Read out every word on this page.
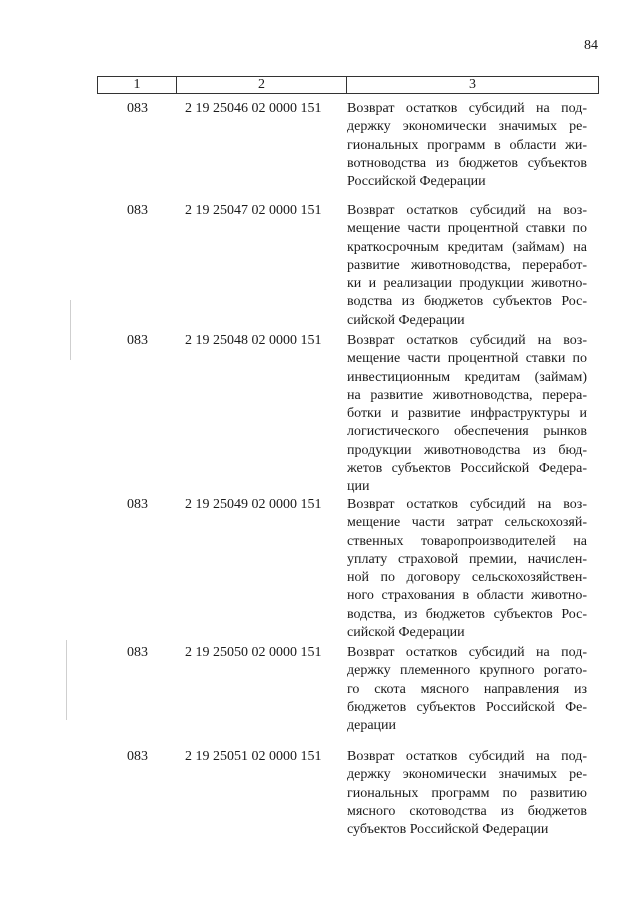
84
1	2	3
083	2 19 25046 02 0000 151 Возврат остатков субсидий на под-
держку экономически значимых ре-
гиональных программ в области жи-
вотноводства из бюджетов субъектов
Российской Федерации
083	2 19 25047 02 0000 151 Возврат остатков субсидий на воз-
мещение части процентной ставки по
краткосрочным кредитам (займам) на
развитие животноводства, переработ-
ки и реализации продукции животно-
водства из бюджетов субъектов Рос-
сийской Федерации
083	2 19 25048 02 0000 151 Возврат остатков субсидий на воз-
мещение части процентной ставки по
инвестиционным кредитам (займам)
на развитие животноводства, перера-
ботки и развитие инфраструктуры и
логистического обеспечения рынков
продукции животноводства из бюд-
жетов субъектов Российской Федера-
ции
083	2 19 25049 02 0000 151 Возврат остатков субсидий на воз-
мещение части затрат сельскохозяй-
ственных товаропроизводителей на
уплату страховой премии, начислен-
ной по договору сельскохозяйствен-
ного страхования в области животно-
водства, из бюджетов субъектов Рос-
сийской Федерации
083	2 19 25050 02 0000 151 Возврат остатков субсидий на под-
держку племенного крупного рогато-
го скота мясного направления из
бюджетов субъектов Российской Фе-
дерации
083	2 19 25051 02 0000 151 Возврат остатков субсидий на под-
держку экономически значимых ре-
гиональных программ по развитию
мясного скотоводства из бюджетов
субъектов Российской Федерации
